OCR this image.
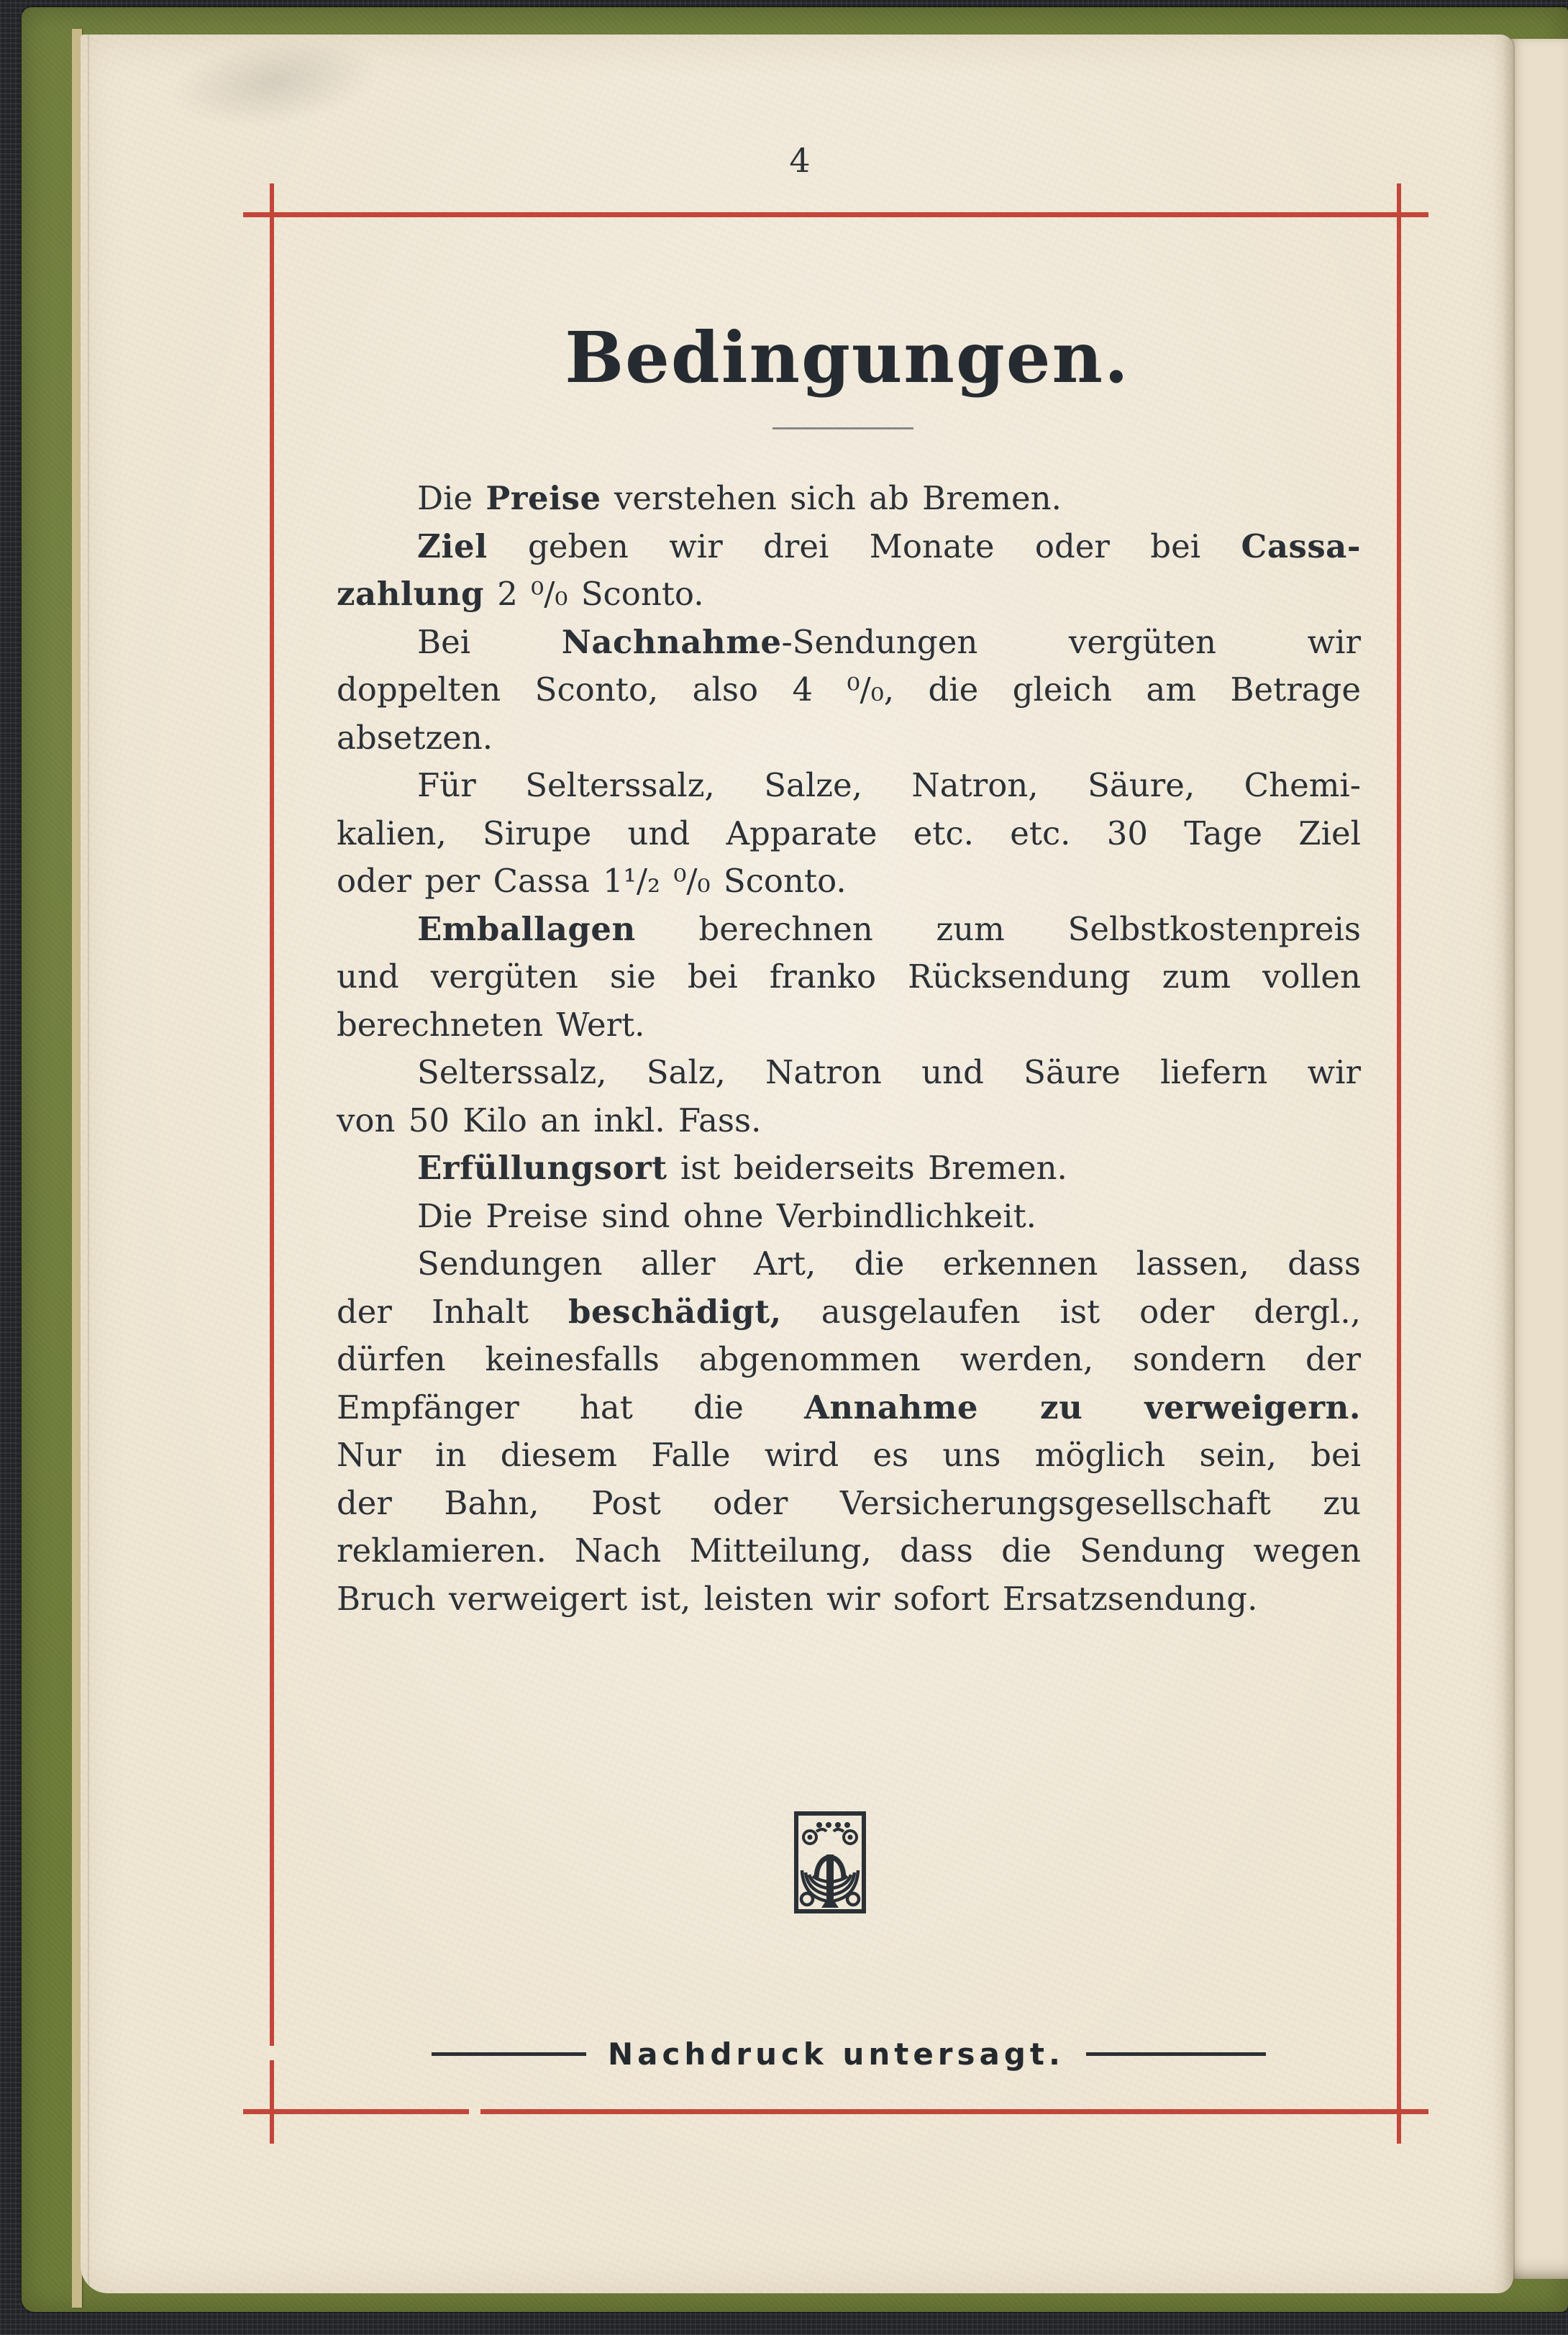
4
Bedingungen.
Die Preise verstehen sich ab Bremen.
Ziel geben wir drei Monate oder bei Cassa-
zahlung 2 ⁰/₀ Sconto.
Bei Nachnahme-Sendungen vergüten wir
doppelten Sconto, also 4 ⁰/₀, die gleich am Betrage
absetzen.
Für Selterssalz, Salze, Natron, Säure, Chemi-
kalien, Sirupe und Apparate etc. etc. 30 Tage Ziel
oder per Cassa 1¹/₂ ⁰/₀ Sconto.
Emballagen berechnen zum Selbstkostenpreis
und vergüten sie bei franko Rücksendung zum vollen
berechneten Wert.
Selterssalz, Salz, Natron und Säure liefern wir
von 50 Kilo an inkl. Fass.
Erfüllungsort ist beiderseits Bremen.
Die Preise sind ohne Verbindlichkeit.
Sendungen aller Art, die erkennen lassen, dass
der Inhalt beschädigt, ausgelaufen ist oder dergl.,
dürfen keinesfalls abgenommen werden, sondern der
Empfänger hat die Annahme zu verweigern.
Nur in diesem Falle wird es uns möglich sein, bei
der Bahn, Post oder Versicherungsgesellschaft zu
reklamieren. Nach Mitteilung, dass die Sendung wegen
Bruch verweigert ist, leisten wir sofort Ersatzsendung.
Nachdruck untersagt.
